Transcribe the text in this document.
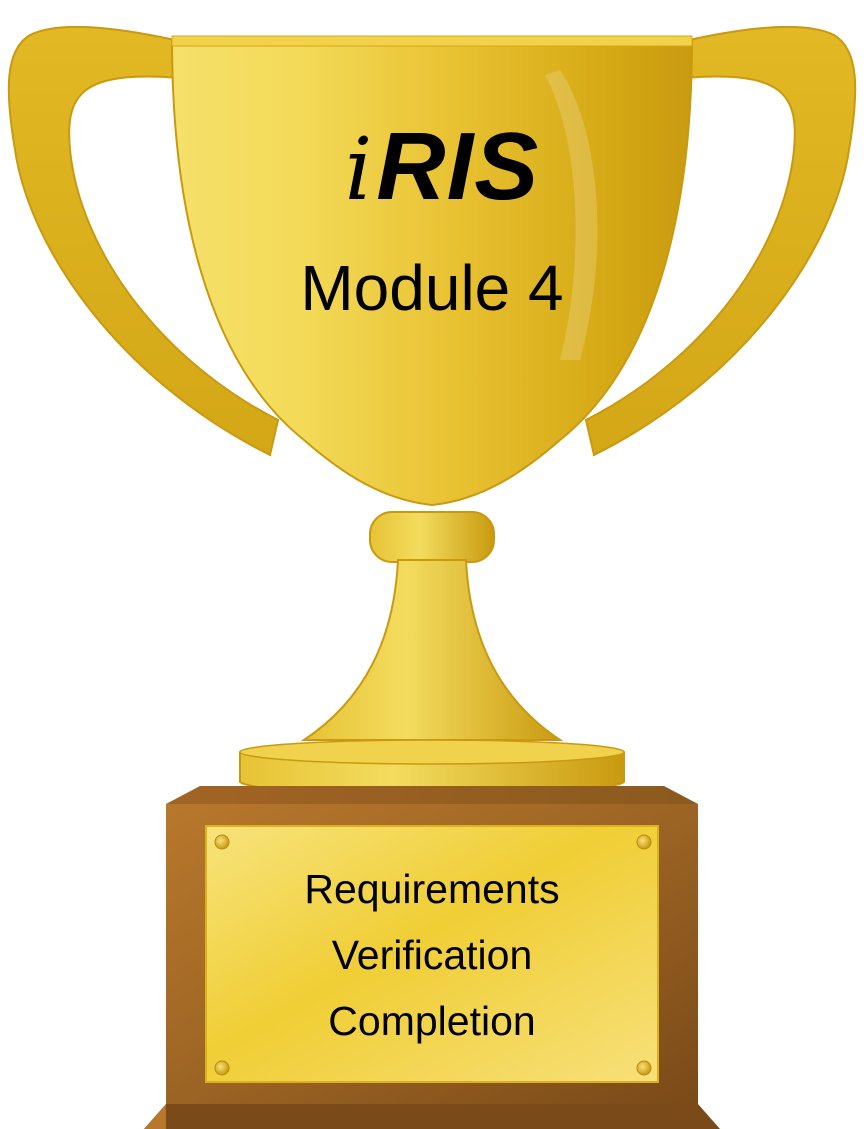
iRIS
Module 4
Requirements
Verification
Completion
